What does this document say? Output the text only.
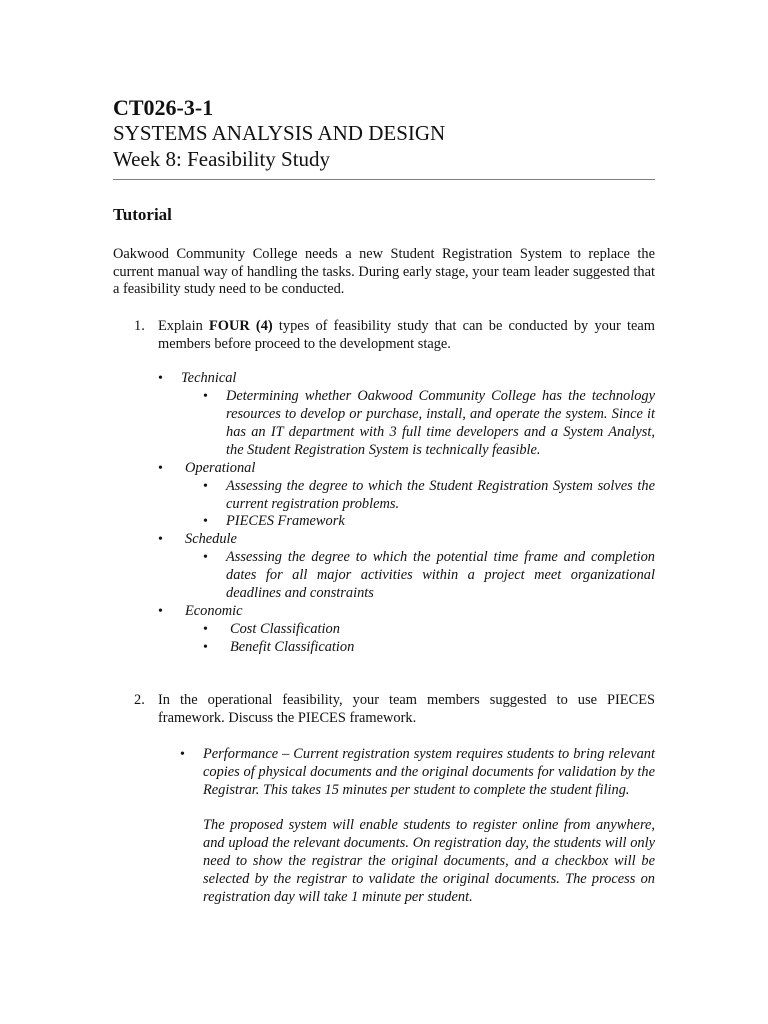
CT026-3-1
SYSTEMS ANALYSIS AND DESIGN
Week 8: Feasibility Study
Tutorial
Oakwood Community College needs a new Student Registration System to replace the current manual way of handling the tasks. During early stage, your team leader suggested that a feasibility study need to be conducted.
1. Explain FOUR (4) types of feasibility study that can be conducted by your team members before proceed to the development stage.
• Technical
• Determining whether Oakwood Community College has the technology resources to develop or purchase, install, and operate the system. Since it has an IT department with 3 full time developers and a System Analyst, the Student Registration System is technically feasible.
• Operational
• Assessing the degree to which the Student Registration System solves the current registration problems.
• PIECES Framework
• Schedule
• Assessing the degree to which the potential time frame and completion dates for all major activities within a project meet organizational deadlines and constraints
• Economic
• Cost Classification
• Benefit Classification
2. In the operational feasibility, your team members suggested to use PIECES framework. Discuss the PIECES framework.
• Performance – Current registration system requires students to bring relevant copies of physical documents and the original documents for validation by the Registrar. This takes 15 minutes per student to complete the student filing.
The proposed system will enable students to register online from anywhere, and upload the relevant documents. On registration day, the students will only need to show the registrar the original documents, and a checkbox will be selected by the registrar to validate the original documents. The process on registration day will take 1 minute per student.
